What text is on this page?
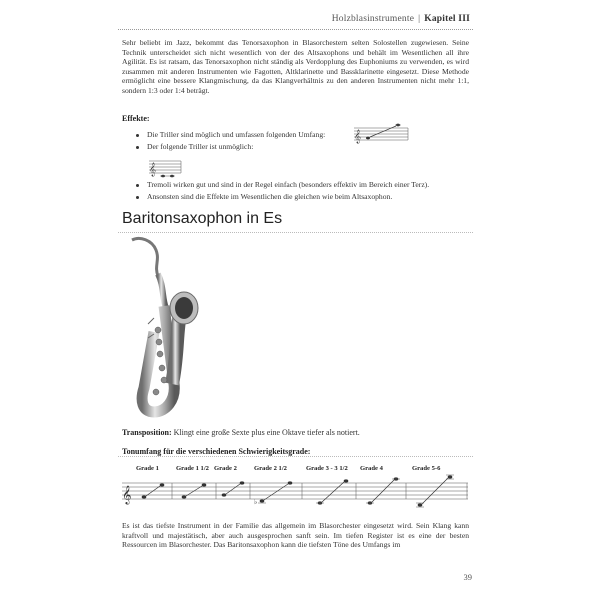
Holzblasinstrumente | Kapitel III

Sehr beliebt im Jazz, bekommt das Tenorsaxophon in Blasorchestern selten Solostellen zugewiesen. Seine Technik unterscheidet sich nicht wesentlich von der des Altsaxophons und behält im Wesentlichen all ihre Agilität. Es ist ratsam, das Tenorsaxophon nicht ständig als Verdopplung des Euphoniums zu verwenden, es wird zusammen mit anderen Instrumenten wie Fagotten, Altklarinette und Bassklarinette eingesetzt. Diese Methode ermöglicht eine bessere Klangmischung, da das Klangverhältnis zu den anderen Instrumenten nicht mehr 1:1, sondern 1:3 oder 1:4 beträgt.

Effekte:
Die Triller sind möglich und umfassen folgenden Umfang:
Der folgende Triller ist unmöglich:
Tremoli wirken gut und sind in der Regel einfach (besonders effektiv im Bereich einer Terz).
Ansonsten sind die Effekte im Wesentlichen die gleichen wie beim Altsaxophon.
𝄞
𝄞
Baritonsaxophon in Es
Transposition: Klingt eine große Sexte plus eine Oktave tiefer als notiert.
Tonumfang für die verschiedenen Schwierigkeitsgrade:
Grade 1	Grade 1 1/2 Grade 2	Grade 2 1/2	Grade 3 - 3 1/2 Grade 4	Grade 5-6
𝄞	♭

Es ist das tiefste Instrument in der Familie das allgemein im Blasorchester eingesetzt wird. Sein Klang kann kraftvoll und majestätisch, aber auch ausgesprochen sanft sein. Im tiefen Register ist es eine der besten Ressourcen im Blasorchester. Das Baritonsaxophon kann die tiefsten Töne des Umfangs im

39
